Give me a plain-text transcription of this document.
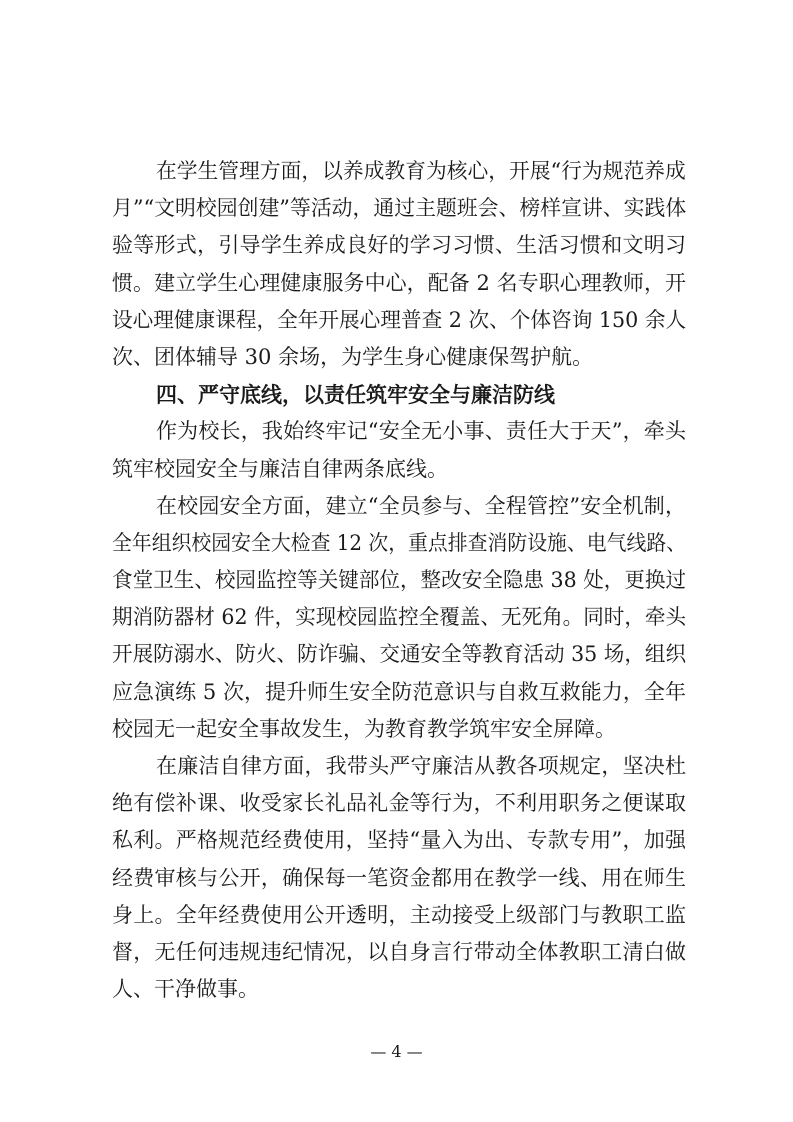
在学生管理方面，以养成教育为核心，开展“行为规范养成
月”“文明校园创建”等活动，通过主题班会、榜样宣讲、实践体
验等形式，引导学生养成良好的学习习惯、生活习惯和文明习
惯。建立学生心理健康服务中心，配备 2 名专职心理教师，开
设心理健康课程，全年开展心理普查 2 次、个体咨询 150 余人
次、团体辅导 30 余场，为学生身心健康保驾护航。
四、严守底线，以责任筑牢安全与廉洁防线
作为校长，我始终牢记“安全无小事、责任大于天”，牵头
筑牢校园安全与廉洁自律两条底线。
在校园安全方面，建立“全员参与、全程管控”安全机制，
全年组织校园安全大检查 12 次，重点排查消防设施、电气线路、
食堂卫生、校园监控等关键部位，整改安全隐患 38 处，更换过
期消防器材 62 件，实现校园监控全覆盖、无死角。同时，牵头
开展防溺水、防火、防诈骗、交通安全等教育活动 35 场，组织
应急演练 5 次，提升师生安全防范意识与自救互救能力，全年
校园无一起安全事故发生，为教育教学筑牢安全屏障。
在廉洁自律方面，我带头严守廉洁从教各项规定，坚决杜
绝有偿补课、收受家长礼品礼金等行为，不利用职务之便谋取
私利。严格规范经费使用，坚持“量入为出、专款专用”，加强
经费审核与公开，确保每一笔资金都用在教学一线、用在师生
身上。全年经费使用公开透明，主动接受上级部门与教职工监
督，无任何违规违纪情况，以自身言行带动全体教职工清白做
人、干净做事。
— 4 —
